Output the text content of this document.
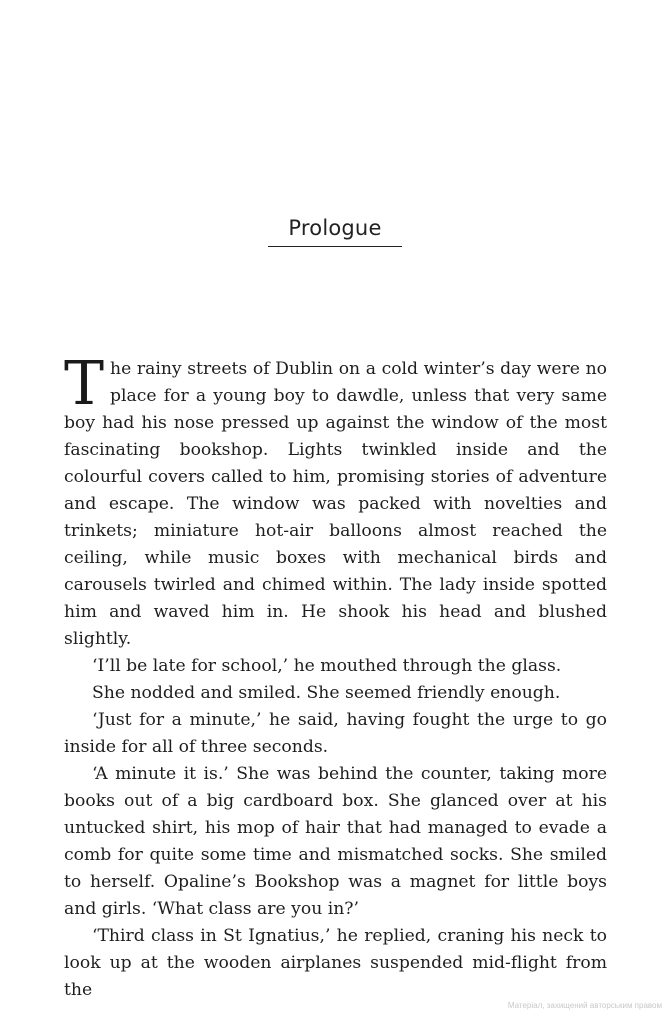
Prologue

The rainy streets of Dublin on a cold winter’s day were no place for a young boy to dawdle, unless that very same boy had his nose pressed up against the window of the most fascinating bookshop. Lights twinkled inside and the colourful covers called to him, promising stories of adventure and escape. The window was packed with novelties and trinkets; miniature hot-air balloons almost reached the ceiling, while music boxes with mechanical birds and carousels twirled and chimed within. The lady inside spotted him and waved him in. He shook his head and blushed slightly.

‘I’ll be late for school,’ he mouthed through the glass.

She nodded and smiled. She seemed friendly enough.

‘Just for a minute,’ he said, having fought the urge to go inside for all of three seconds.

‘A minute it is.’ She was behind the counter, taking more books out of a big cardboard box. She glanced over at his untucked shirt, his mop of hair that had managed to evade a comb for quite some time and mismatched socks. She smiled to herself. Opaline’s Bookshop was a magnet for little boys and girls. ‘What class are you in?’

‘Third class in St Ignatius,’ he replied, craning his neck to look up at the wooden airplanes suspended mid-flight from the

Матеріал, захищений авторським правом
